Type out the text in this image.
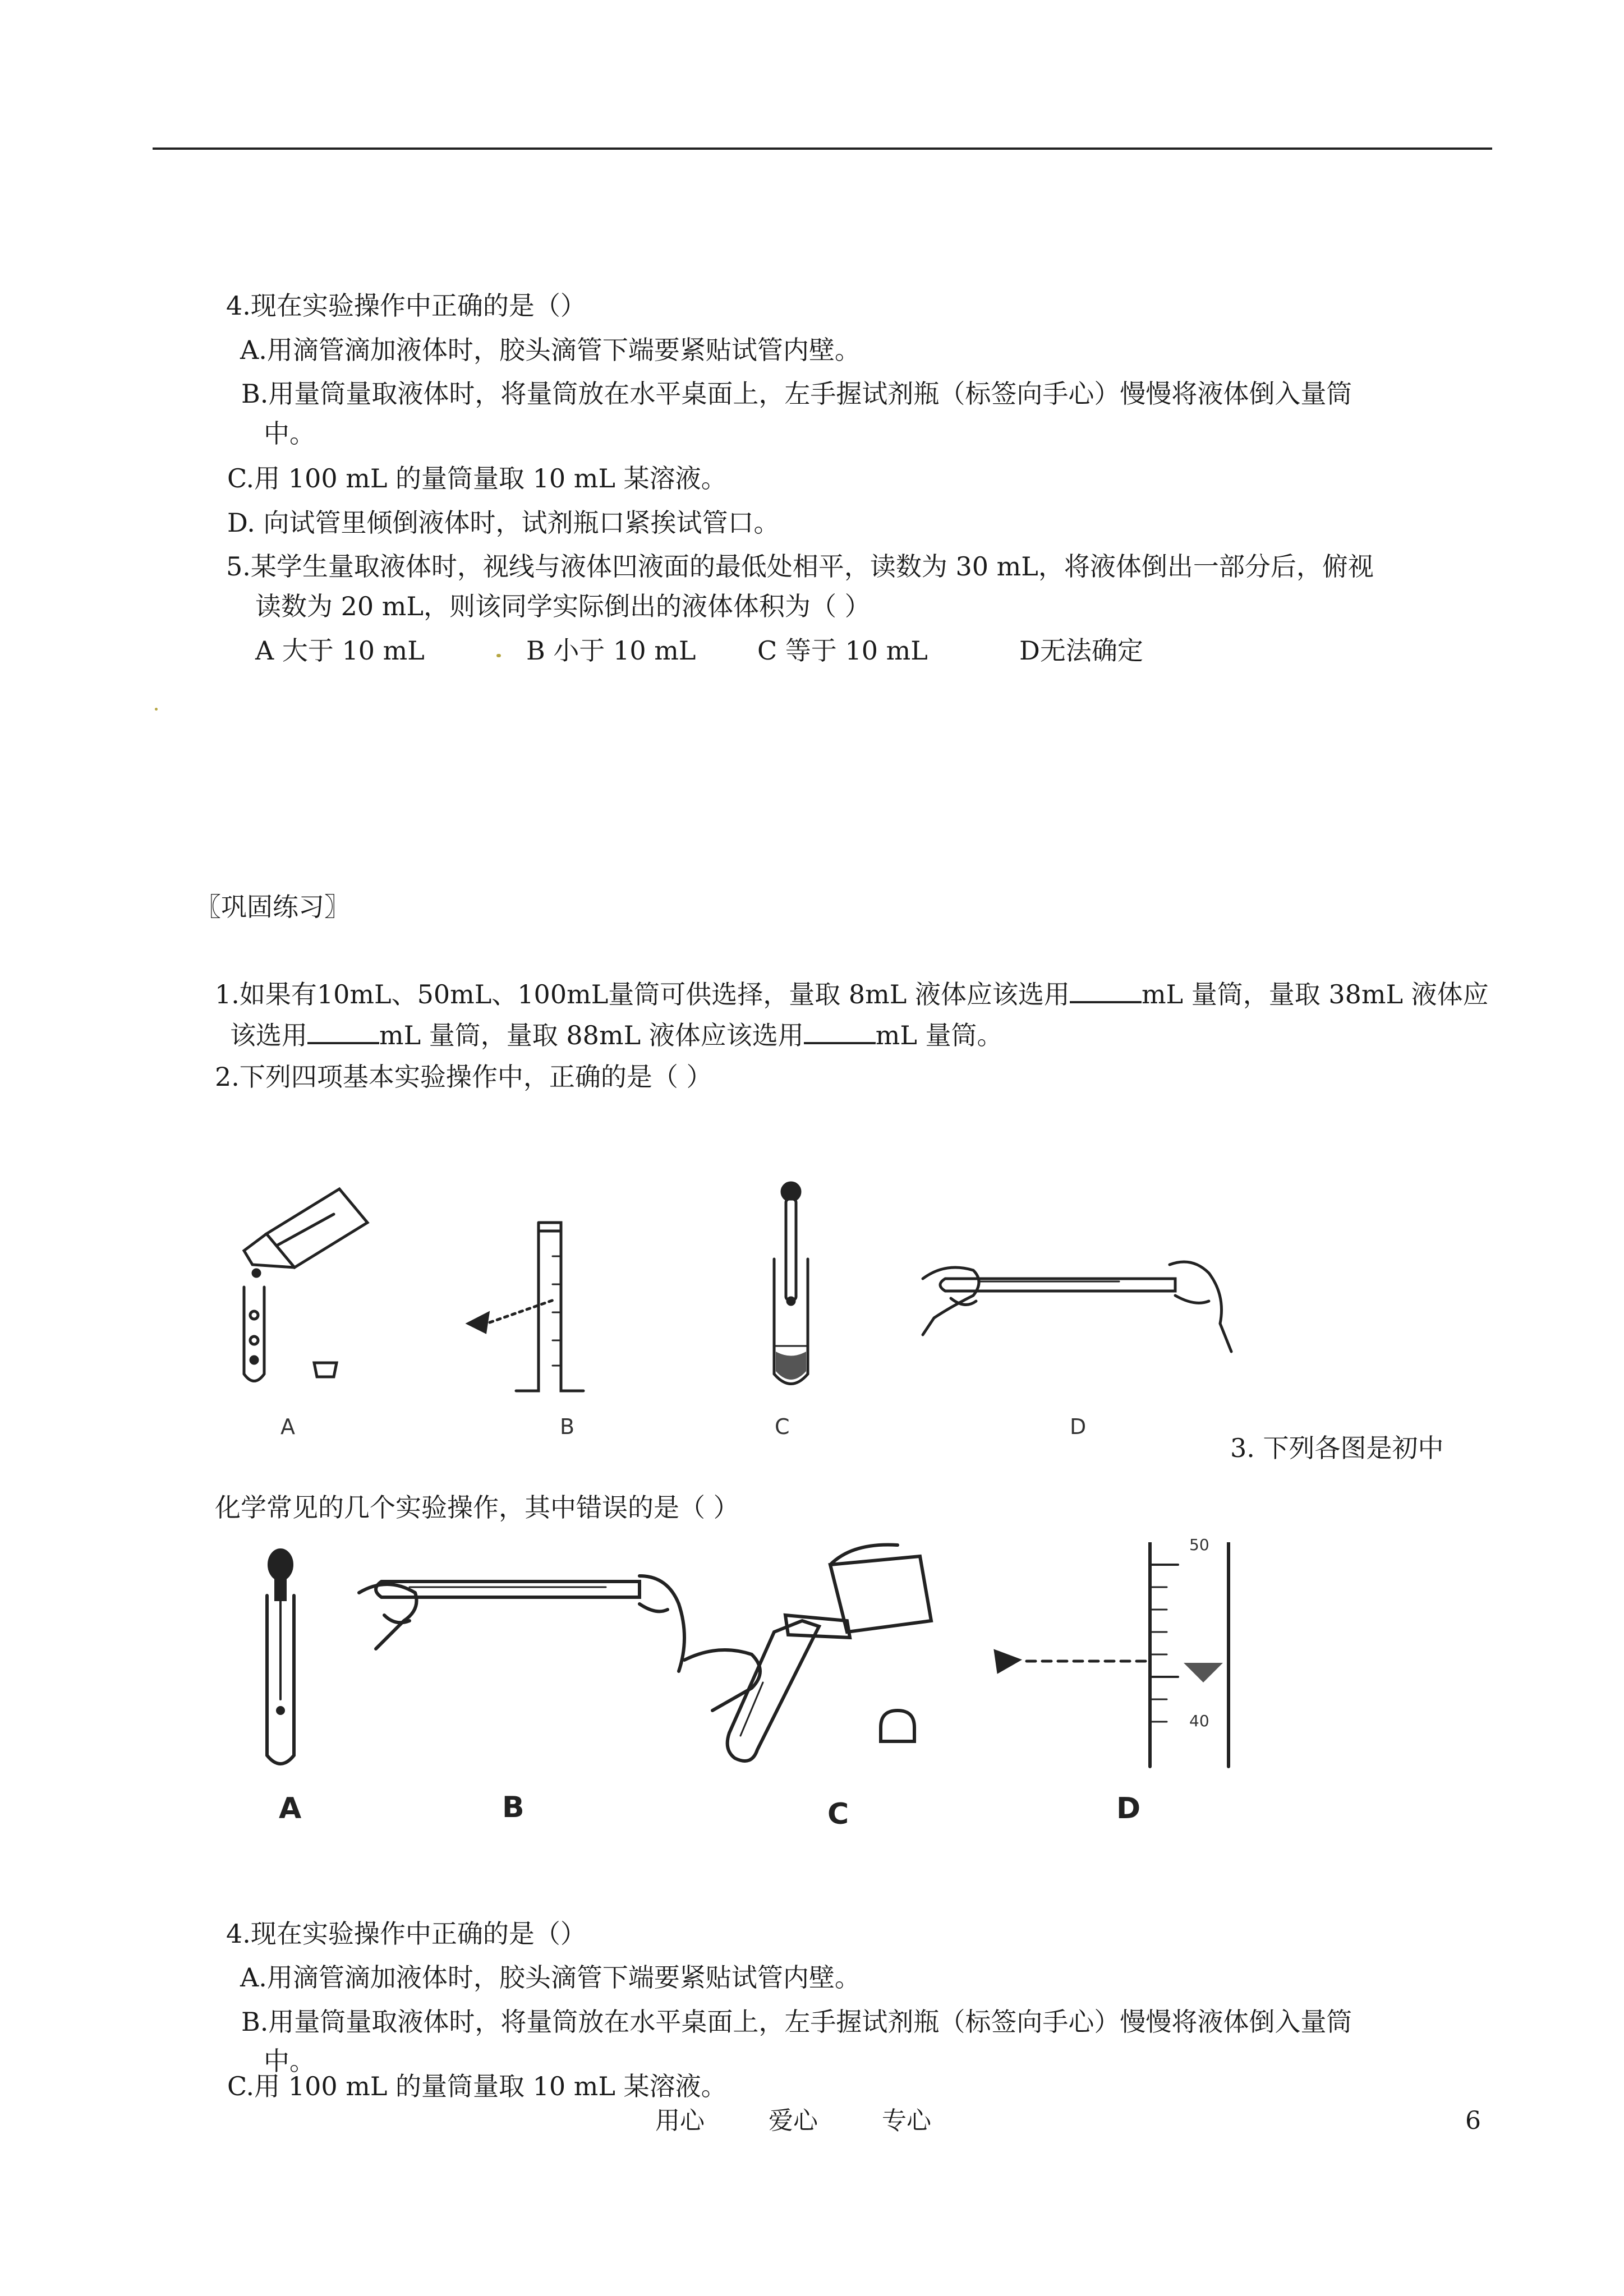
4.现在实验操作中正确的是（）
A.用滴管滴加液体时，胶头滴管下端要紧贴试管内壁。
B.用量筒量取液体时，将量筒放在水平桌面上，左手握试剂瓶（标签向手心）慢慢将液体倒入量筒
中。
C.用 100 mL 的量筒量取 10 mL 某溶液。
D. 向试管里倾倒液体时，试剂瓶口紧挨试管口。
5.某学生量取液体时，视线与液体凹液面的最低处相平，读数为 30 mL，将液体倒出一部分后，俯视
读数为 20 mL，则该同学实际倒出的液体体积为（ ）
A 大于 10 mL	B 小于 10 mL C 等于 10 mL	D无法确定
〖巩固练习〗
1.如果有10mL、50mL、100mL量筒可供选择，量取 8mL 液体应该选用	mL 量筒，量取 38mL 液体应
该选用	mL 量筒，量取 88mL 液体应该选用	mL 量筒。
2.下列四项基本实验操作中，正确的是（ ）
A	B	C	D
3. 下列各图是初中
化学常见的几个实验操作，其中错误的是（ ）
50
40
A	B	C	D
4.现在实验操作中正确的是（）
A.用滴管滴加液体时，胶头滴管下端要紧贴试管内壁。
B.用量筒量取液体时，将量筒放在水平桌面上，左手握试剂瓶（标签向手心）慢慢将液体倒入量筒
中。
C.用 100 mL 的量筒量取 10 mL 某溶液。
用心	爱心	专心	6
